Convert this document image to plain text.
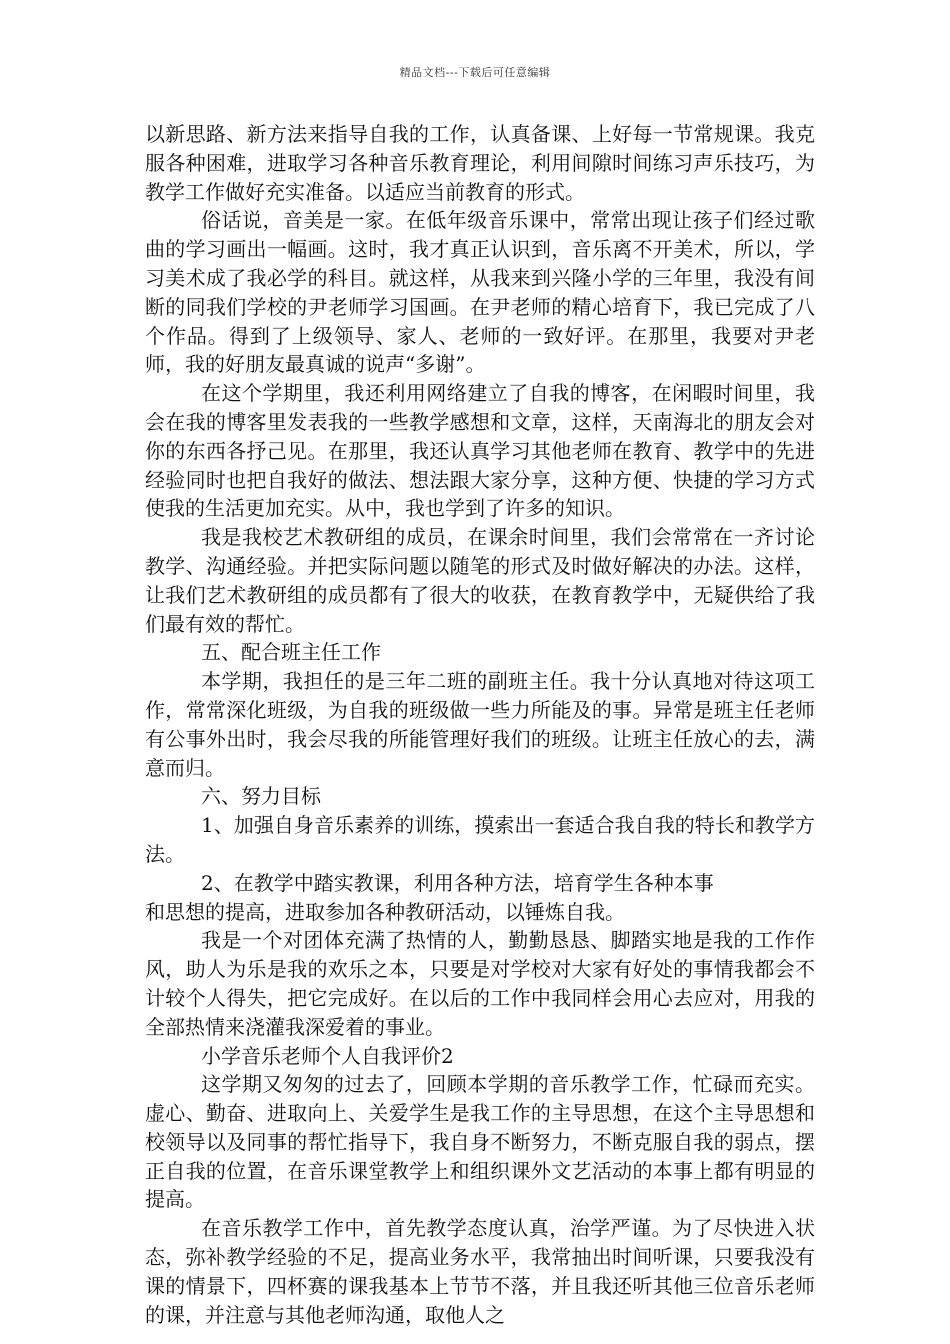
精品文档---下载后可任意编辑

以新思路、新方法来指导自我的工作，认真备课、上好每一节常规课。我克服各种困难，进取学习各种音乐教育理论，利用间隙时间练习声乐技巧，为教学工作做好充实准备。以适应当前教育的形式。

俗话说，音美是一家。在低年级音乐课中，常常出现让孩子们经过歌曲的学习画出一幅画。这时，我才真正认识到，音乐离不开美术，所以，学习美术成了我必学的科目。就这样，从我来到兴隆小学的三年里，我没有间断的同我们学校的尹老师学习国画。在尹老师的精心培育下，我已完成了八个作品。得到了上级领导、家人、老师的一致好评。在那里，我要对尹老师，我的好朋友最真诚的说声“多谢”。

在这个学期里，我还利用网络建立了自我的博客，在闲暇时间里，我会在我的博客里发表我的一些教学感想和文章，这样，天南海北的朋友会对你的东西各抒己见。在那里，我还认真学习其他老师在教育、教学中的先进经验同时也把自我好的做法、想法跟大家分享，这种方便、快捷的学习方式使我的生活更加充实。从中，我也学到了许多的知识。

我是我校艺术教研组的成员，在课余时间里，我们会常常在一齐讨论教学、沟通经验。并把实际问题以随笔的形式及时做好解决的办法。这样，让我们艺术教研组的成员都有了很大的收获，在教育教学中，无疑供给了我们最有效的帮忙。

五、配合班主任工作

本学期，我担任的是三年二班的副班主任。我十分认真地对待这项工作，常常深化班级，为自我的班级做一些力所能及的事。异常是班主任老师有公事外出时，我会尽我的所能管理好我们的班级。让班主任放心的去，满意而归。

六、努力目标

1、加强自身音乐素养的训练，摸索出一套适合我自我的特长和教学方法。

2、在教学中踏实教课，利用各种方法，培育学生各种本事

和思想的提高，进取参加各种教研活动，以锤炼自我。

我是一个对团体充满了热情的人，勤勤恳恳、脚踏实地是我的工作作风，助人为乐是我的欢乐之本，只要是对学校对大家有好处的事情我都会不计较个人得失，把它完成好。在以后的工作中我同样会用心去应对，用我的全部热情来浇灌我深爱着的事业。

小学音乐老师个人自我评价2

这学期又匆匆的过去了，回顾本学期的音乐教学工作，忙碌而充实。虚心、勤奋、进取向上、关爱学生是我工作的主导思想，在这个主导思想和校领导以及同事的帮忙指导下，我自身不断努力，不断克服自我的弱点，摆正自我的位置，在音乐课堂教学上和组织课外文艺活动的本事上都有明显的提高。

在音乐教学工作中，首先教学态度认真，治学严谨。为了尽快进入状态，弥补教学经验的不足，提高业务水平，我常抽出时间听课，只要我没有课的情景下，四杯赛的课我基本上节节不落，并且我还听其他三位音乐老师的课，并注意与其他老师沟通，取他人之
